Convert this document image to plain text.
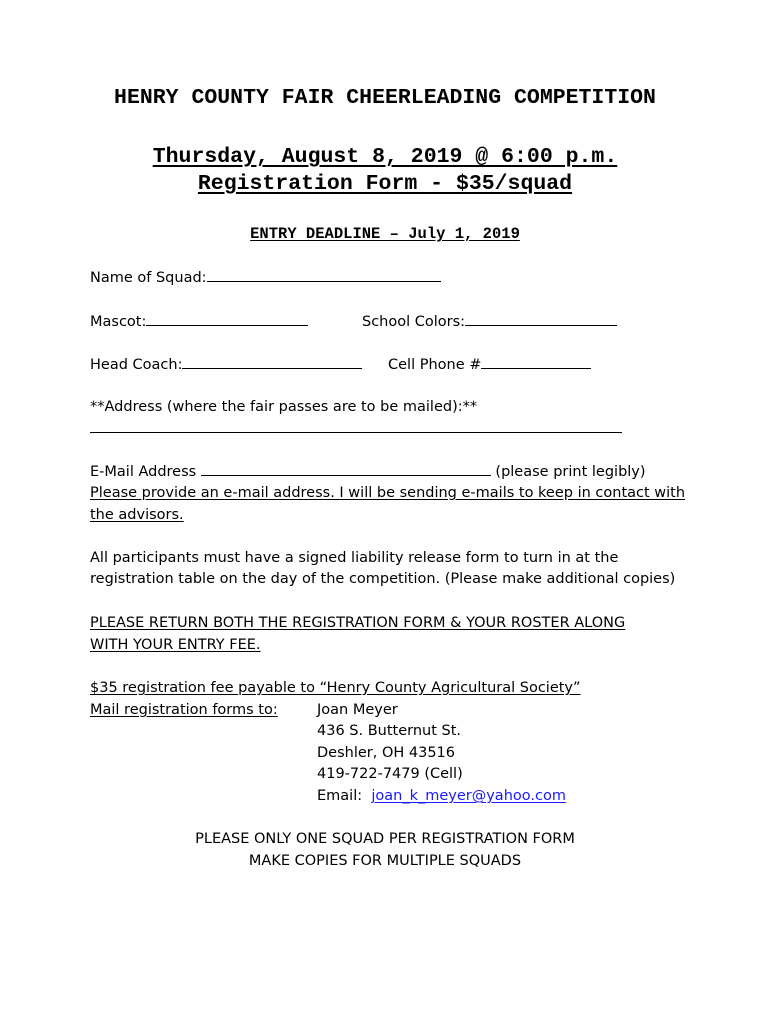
HENRY COUNTY FAIR CHEERLEADING COMPETITION
Thursday, August 8, 2019 @ 6:00 p.m.
Registration Form - $35/squad
ENTRY DEADLINE – July 1, 2019
Name of Squad:
Mascot:	School Colors:
Head Coach:	Cell Phone #
**Address (where the fair passes are to be mailed):**
E-Mail Address	(please print legibly)
Please provide an e-mail address. I will be sending e-mails to keep in contact with
the advisors.
All participants must have a signed liability release form to turn in at the
registration table on the day of the competition. (Please make additional copies)
PLEASE RETURN BOTH THE REGISTRATION FORM & YOUR ROSTER ALONG
WITH YOUR ENTRY FEE.
$35 registration fee payable to “Henry County Agricultural Society”
Mail registration forms to:	Joan Meyer
436 S. Butternut St.
Deshler, OH 43516
419-722-7479 (Cell)
Email: joan_k_meyer@yahoo.com
PLEASE ONLY ONE SQUAD PER REGISTRATION FORM
MAKE COPIES FOR MULTIPLE SQUADS
